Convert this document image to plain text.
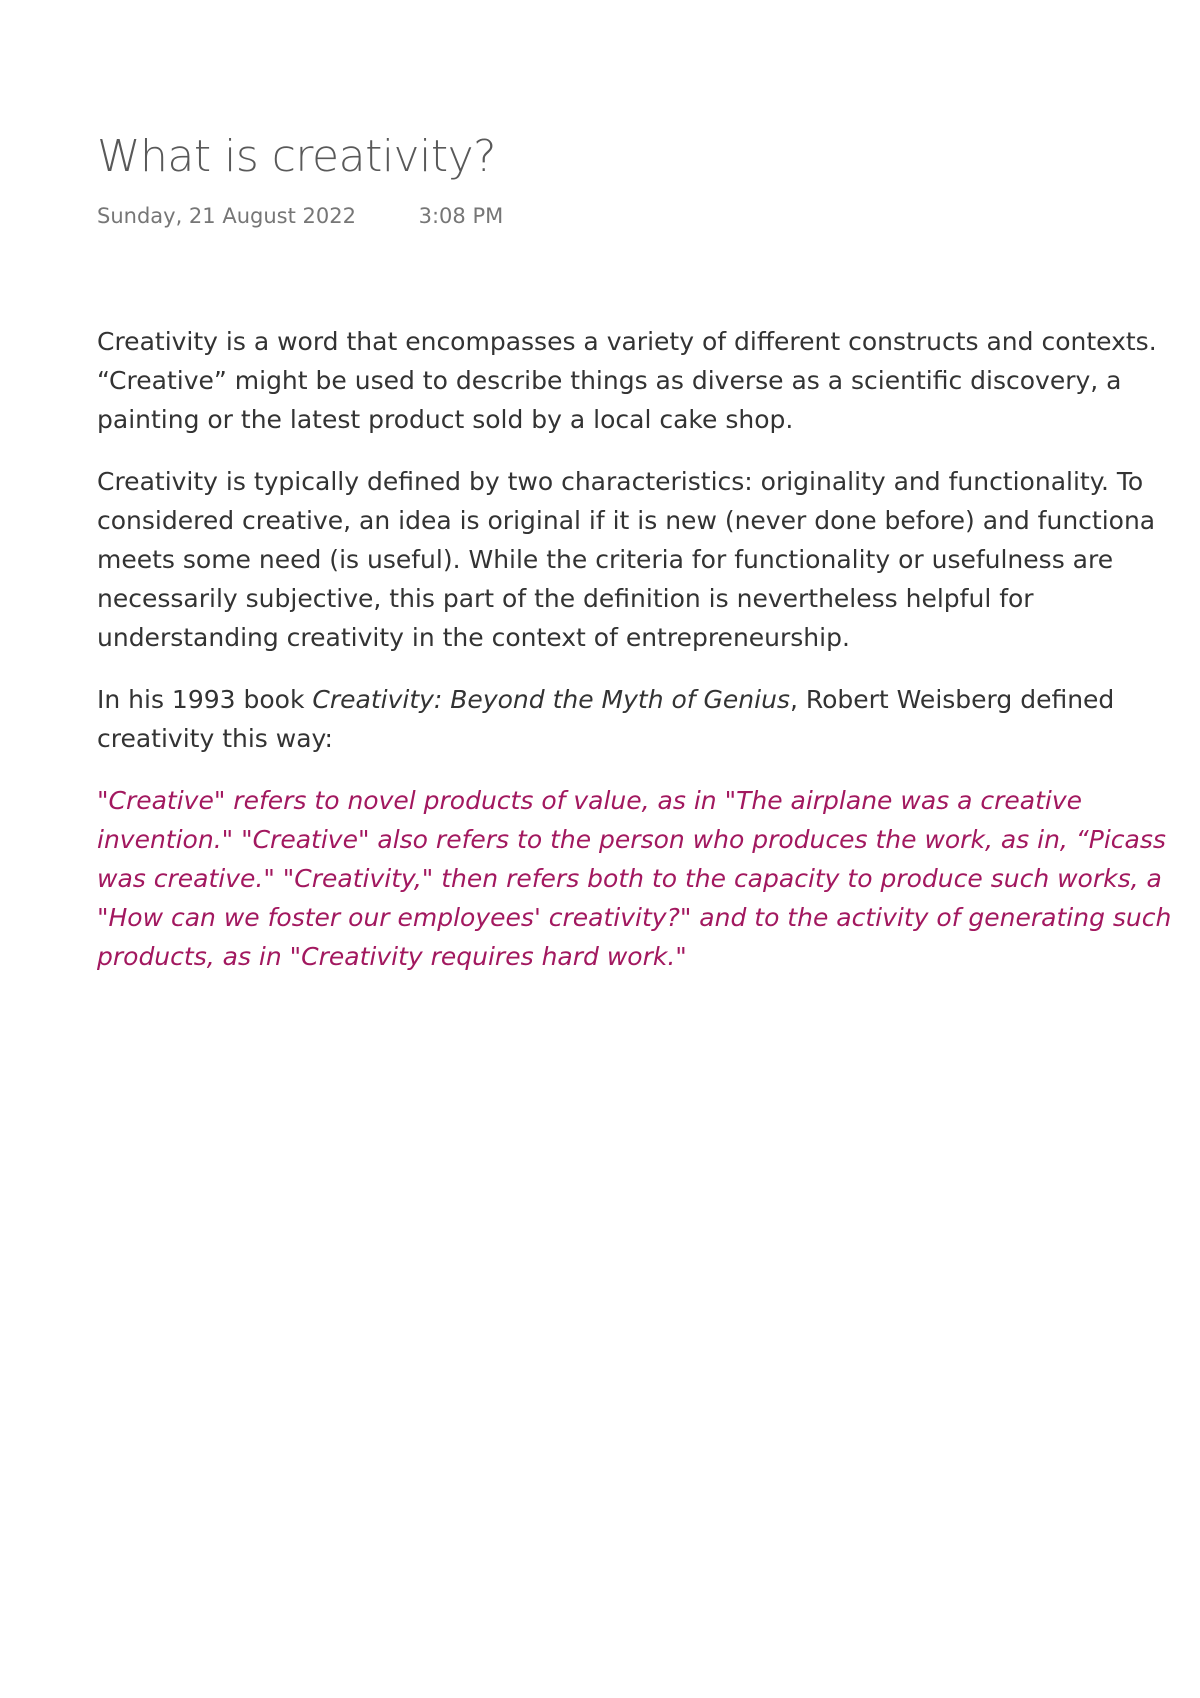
What is creativity?
Sunday, 21 August 2022	3:08 PM

Creativity is a word that encompasses a variety of different constructs and contexts.
“Creative” might be used to describe things as diverse as a scientific discovery, a
painting or the latest product sold by a local cake shop.

Creativity is typically defined by two characteristics: originality and functionality. To
considered creative, an idea is original if it is new (never done before) and functiona
meets some need (is useful). While the criteria for functionality or usefulness are
necessarily subjective, this part of the definition is nevertheless helpful for
understanding creativity in the context of entrepreneurship.

In his 1993 book Creativity: Beyond the Myth of Genius, Robert Weisberg defined
creativity this way:

"Creative" refers to novel products of value, as in "The airplane was a creative
invention." "Creative" also refers to the person who produces the work, as in, “Picass
was creative." "Creativity," then refers both to the capacity to produce such works, a
"How can we foster our employees' creativity?" and to the activity of generating such
products, as in "Creativity requires hard work."
